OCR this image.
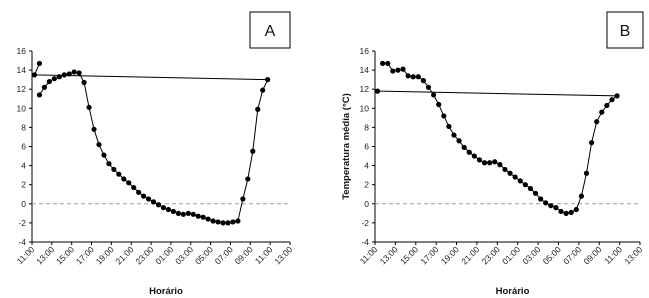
A
-4
-2
0
2
4
6
8
10
12
14
16
11:00
13:00
15:00
17:00
19:00
21:00
23:00
01:00
03:00
05:00
07:00
09:00
11:00
13:00
Horário
B
-4
-2
0
2
4
6
8
10
12
14
16
11:00
13:00
15:00
17:00
19:00
21:00
23:00
01:00
03:00
05:00
07:00
09:00
11:00
13:00
Horário
Temperatura média (°C)
